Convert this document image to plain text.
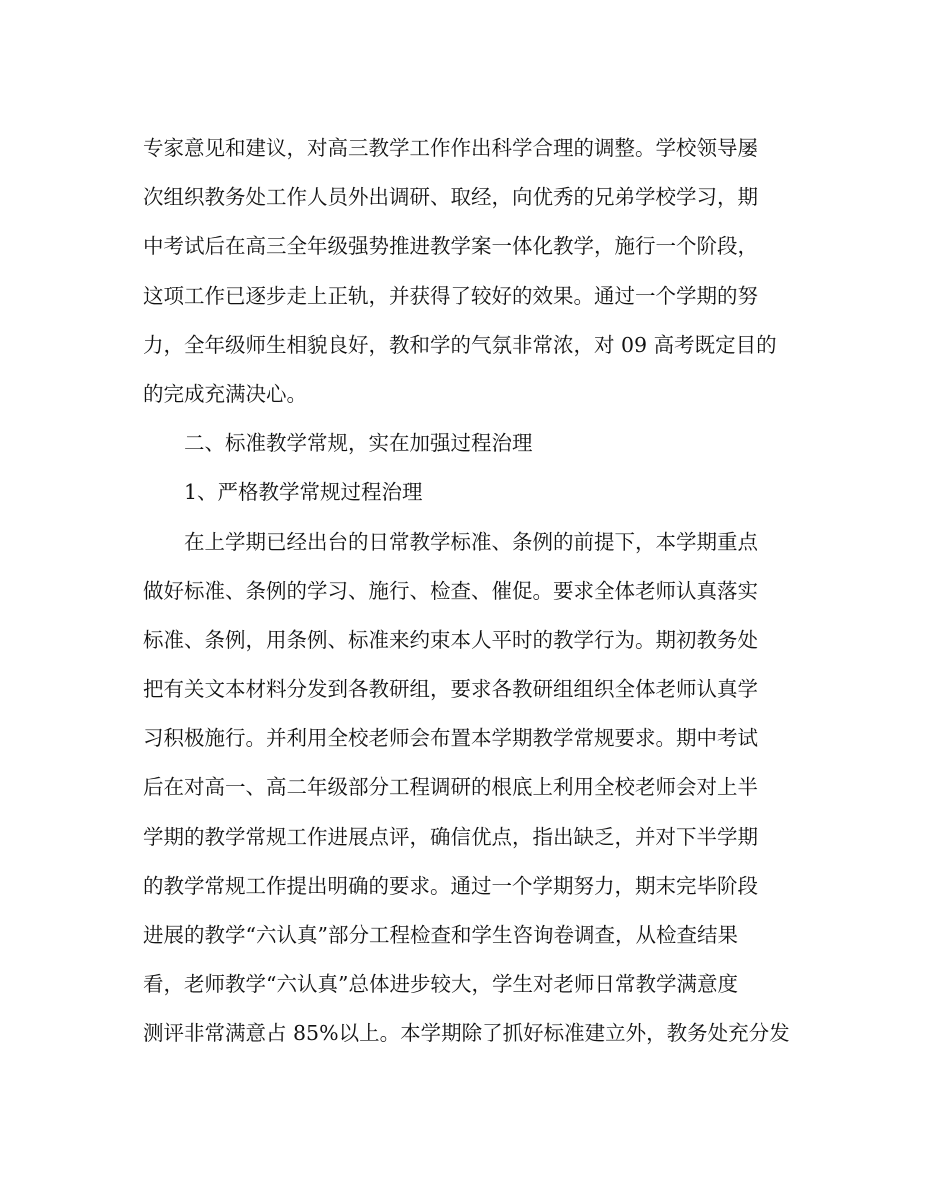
专家意见和建议，对高三教学工作作出科学合理的调整。学校领导屡
次组织教务处工作人员外出调研、取经，向优秀的兄弟学校学习，期
中考试后在高三全年级强势推进教学案一体化教学，施行一个阶段，
这项工作已逐步走上正轨，并获得了较好的效果。通过一个学期的努
力，全年级师生相貌良好，教和学的气氛非常浓，对 09 高考既定目的
的完成充满决心。
二、标准教学常规，实在加强过程治理
1、严格教学常规过程治理
在上学期已经出台的日常教学标准、条例的前提下，本学期重点
做好标准、条例的学习、施行、检查、催促。要求全体老师认真落实
标准、条例，用条例、标准来约束本人平时的教学行为。期初教务处
把有关文本材料分发到各教研组，要求各教研组组织全体老师认真学
习积极施行。并利用全校老师会布置本学期教学常规要求。期中考试
后在对高一、高二年级部分工程调研的根底上利用全校老师会对上半
学期的教学常规工作进展点评，确信优点，指出缺乏，并对下半学期
的教学常规工作提出明确的要求。通过一个学期努力，期末完毕阶段
进展的教学“六认真”部分工程检查和学生咨询卷调查，从检查结果
看，老师教学“六认真”总体进步较大，学生对老师日常教学满意度
测评非常满意占 85%以上。本学期除了抓好标准建立外，教务处充分发
